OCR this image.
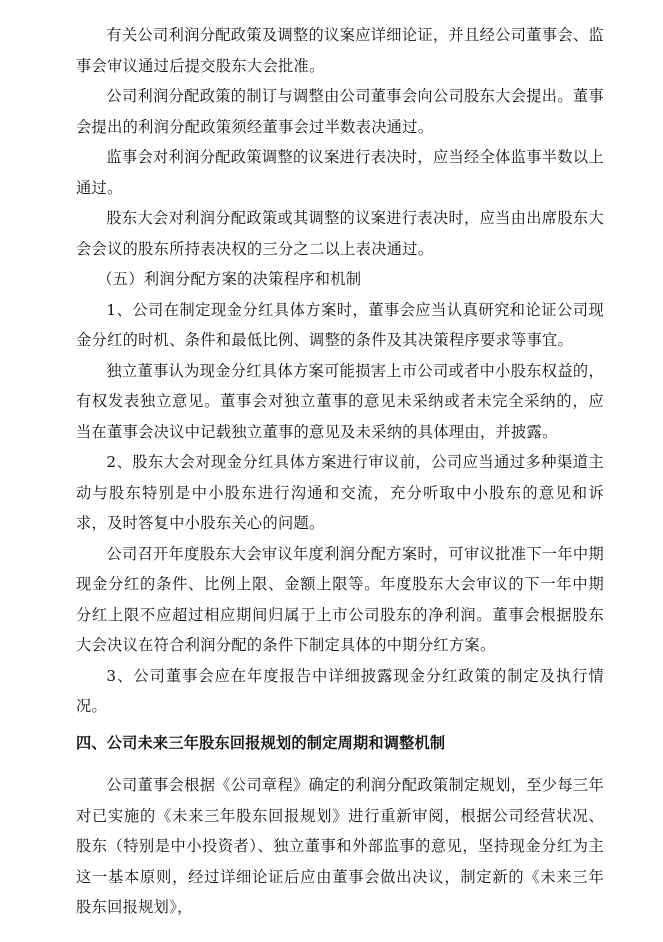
有关公司利润分配政策及调整的议案应详细论证，并且经公司董事会、监事会审议通过后提交股东大会批准。

公司利润分配政策的制订与调整由公司董事会向公司股东大会提出。董事会提出的利润分配政策须经董事会过半数表决通过。

监事会对利润分配政策调整的议案进行表决时，应当经全体监事半数以上通过。

股东大会对利润分配政策或其调整的议案进行表决时，应当由出席股东大会会议的股东所持表决权的三分之二以上表决通过。

（五）利润分配方案的决策程序和机制

1、公司在制定现金分红具体方案时，董事会应当认真研究和论证公司现金分红的时机、条件和最低比例、调整的条件及其决策程序要求等事宜。

独立董事认为现金分红具体方案可能损害上市公司或者中小股东权益的，有权发表独立意见。董事会对独立董事的意见未采纳或者未完全采纳的，应当在董事会决议中记载独立董事的意见及未采纳的具体理由，并披露。

2、股东大会对现金分红具体方案进行审议前，公司应当通过多种渠道主动与股东特别是中小股东进行沟通和交流，充分听取中小股东的意见和诉求，及时答复中小股东关心的问题。

公司召开年度股东大会审议年度利润分配方案时，可审议批准下一年中期现金分红的条件、比例上限、金额上限等。年度股东大会审议的下一年中期分红上限不应超过相应期间归属于上市公司股东的净利润。董事会根据股东大会决议在符合利润分配的条件下制定具体的中期分红方案。

3、公司董事会应在年度报告中详细披露现金分红政策的制定及执行情况。

四、公司未来三年股东回报规划的制定周期和调整机制

公司董事会根据《公司章程》确定的利润分配政策制定规划，至少每三年对已实施的《未来三年股东回报规划》进行重新审阅，根据公司经营状况、股东（特别是中小投资者）、独立董事和外部监事的意见，坚持现金分红为主这一基本原则，经过详细论证后应由董事会做出决议，制定新的《未来三年股东回报规划》，
